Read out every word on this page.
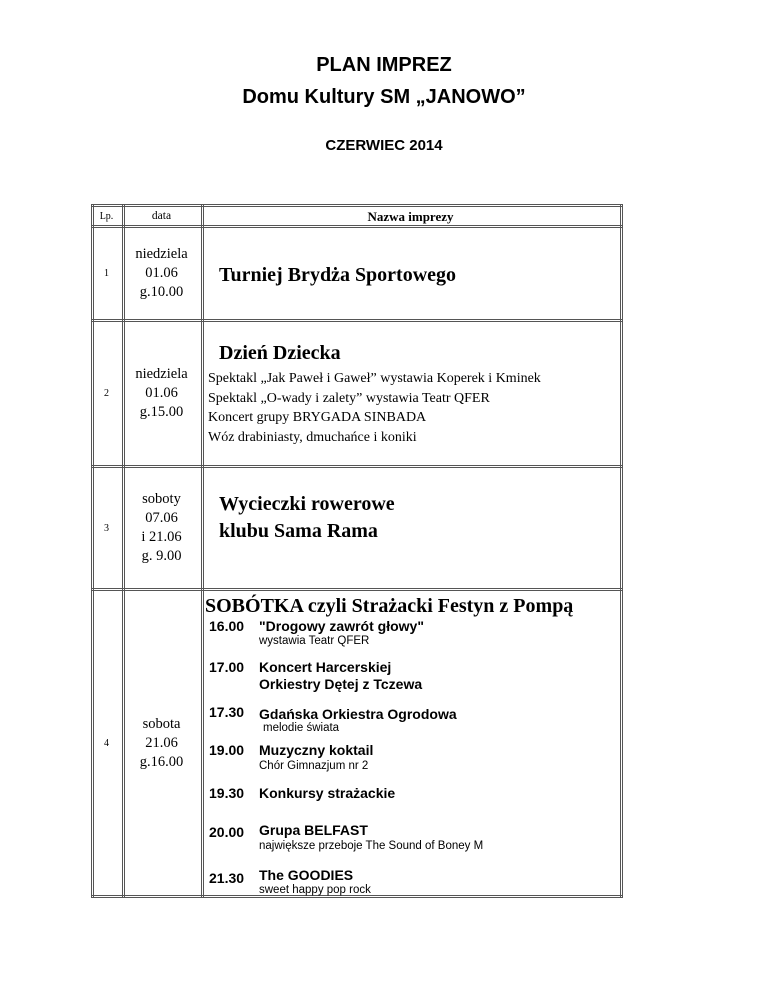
PLAN IMPREZ
Domu Kultury SM „JANOWO”
CZERWIEC 2014
Lp.	data	Nazwa imprezy
1
niedziela
01.06
g.10.00
Turniej Brydża Sportowego
2
niedziela
01.06
g.15.00
Dzień Dziecka
Spektakl „Jak Paweł i Gaweł” wystawia Koperek i Kminek
Spektakl „O-wady i zalety” wystawia Teatr QFER
Koncert grupy BRYGADA SINBADA
Wóz drabiniasty, dmuchańce i koniki
3
soboty
07.06
i 21.06
g. 9.00
Wycieczki rowerowe
klubu Sama Rama
4
sobota
21.06
g.16.00
SOBÓTKA czyli Strażacki Festyn z Pompą
16.00 "Drogowy zawrót głowy"
wystawia Teatr QFER
17.00 Koncert Harcerskiej
Orkiestry Dętej z Tczewa
17.30 Gdańska Orkiestra Ogrodowa
melodie świata
19.00 Muzyczny koktail
Chór Gimnazjum nr 2
19.30 Konkursy strażackie
20.00 Grupa BELFAST
największe przeboje The Sound of Boney M
21.30 The GOODIES
sweet happy pop rock
